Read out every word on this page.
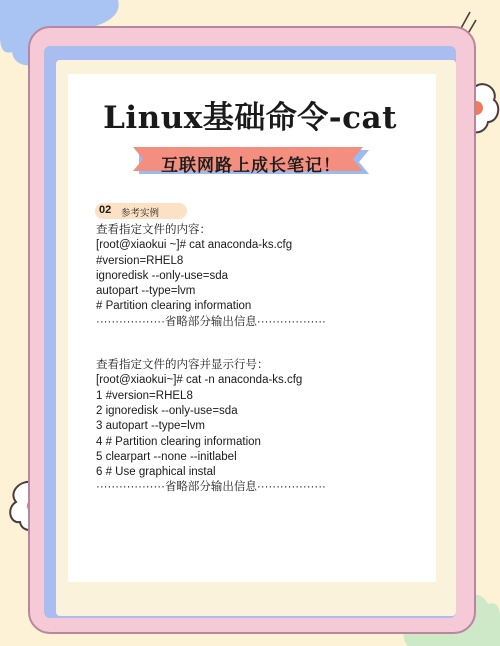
Linux基础命令-cat
互联网路上成长笔记！
02 参考实例
查看指定文件的内容：
[root@xiaokui ~]# cat anaconda-ks.cfg
#version=RHEL8
ignoredisk --only-use=sda
autopart --type=lvm
# Partition clearing information
··················省略部分输出信息··················
查看指定文件的内容并显示行号：
[root@xiaokui~]# cat -n anaconda-ks.cfg
1 #version=RHEL8
2 ignoredisk --only-use=sda
3 autopart --type=lvm
4 # Partition clearing information
5 clearpart --none --initlabel
6 # Use graphical instal
··················省略部分输出信息··················
